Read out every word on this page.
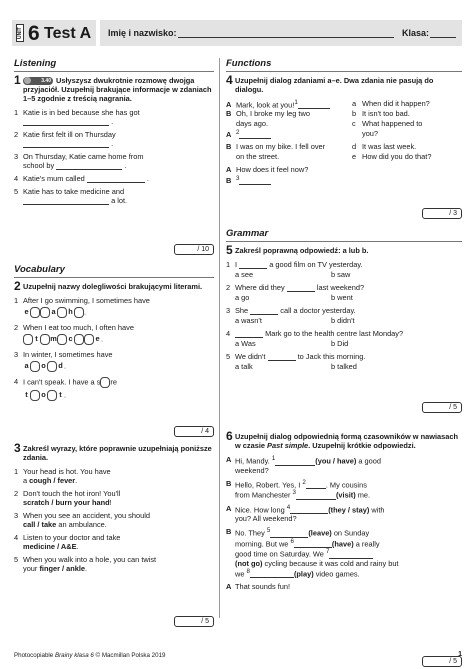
UNIT 6 Test A Imię i nazwisko:	Klasa:
Listening
1	3.40 Usłyszysz dwukrotnie rozmowę dwojga przyjaciół. Uzupełnij brakujące informacje w zdaniach 1–5 zgodnie z treścią nagrania.
1 Katie is in bed because she has got
.
2 Katie first felt ill on Thursday
.
3 On Thursday, Katie came home from
school by	.
4 Katie's mum called	.
5 Katie has to take medicine and
a lot.
/ 10
Vocabulary
2 Uzupełnij nazwy dolegliwości brakującymi literami.
1 After I go swimming, I sometimes have
e	a h .
2 When I eat too much, I often have
t m c	e.
3 In winter, I sometimes have
a o d.
4 I can't speak. I have a s re
t o t .
/ 4
3 Zakreśl wyrazy, które poprawnie uzupełniają poniższe zdania.
1 Your head is hot. You have
a cough / fever.
2 Don't touch the hot iron! You'll
scratch / burn your hand!
3 When you see an accident, you should
call / take an ambulance.
4 Listen to your doctor and take
medicine / A&E.
5 When you walk into a hole, you can twist
your finger / ankle.
/ 5
Functions
4 Uzupełnij dialog zdaniami a–e. Dwa zdania nie pasują do dialogu.
A Mark, look at you!$^1$	a When did it happen?
B Oh, I broke my leg two	b It isn't too bad.
days ago.	c What happened to
A $^2$	you?
B I was on my bike. I fell over	d It was last week.
on the street.	e How did you do that?
A How does it feel now?
B $^3$
/ 3
Grammar
5 Zakreśl poprawną odpowiedź: a lub b.
1 I	a good film on TV yesterday.
a see	b saw
2 Where did they	last weekend?
a go	b went
3 She	call a doctor yesterday.
a wasn't	b didn't
4	Mark go to the health centre last Monday?
a Was	b Did
5 We didn't	to Jack this morning.
a talk	b talked
/ 5
6 Uzupełnij dialog odpowiednią formą czasowników w nawiasach w czasie Past simple. Uzupełnij krótkie odpowiedzi.
A Hi, Mandy. $^1$	(you / have) a good
weekend?
B Hello, Robert. Yes, I $^2$	. My cousins
from Manchester $^3$	(visit) me.
A Nice. How long $^4$	(they / stay) with
you? All weekend?
B No. They $^5$	(leave) on Sunday
morning. But we $^6$	(have) a really
good time on Saturday. We $^7$
(not go) cycling because it was cold and rainy but
we $^8$	(play) video games.
A That sounds fun!
/ 5
Photocopiable Brainy klasa 6 © Macmillan Polska 2019	1
